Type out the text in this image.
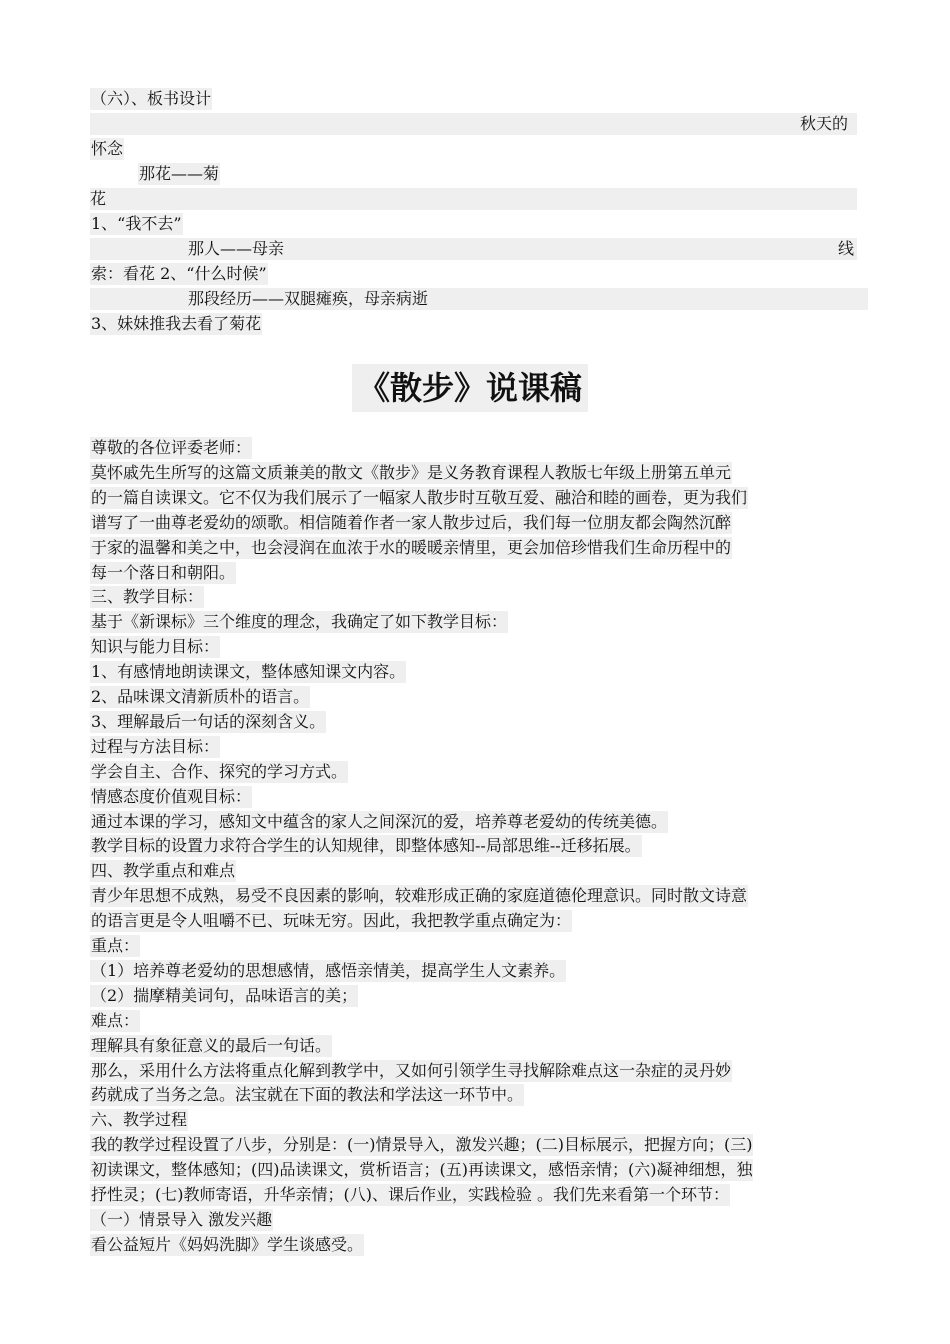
（六）、板书设计
秋天的
怀念
那花——菊
花
1、“我不去”
那人——母亲	线
索：看花 2、“什么时候”
那段经历——双腿瘫痪，母亲病逝
3、妹妹推我去看了菊花
《散步》说课稿
尊敬的各位评委老师：
莫怀戚先生所写的这篇文质兼美的散文《散步》是义务教育课程人教版七年级上册第五单元
的一篇自读课文。它不仅为我们展示了一幅家人散步时互敬互爱、融洽和睦的画卷，更为我们
谱写了一曲尊老爱幼的颂歌。相信随着作者一家人散步过后，我们每一位朋友都会陶然沉醉
于家的温馨和美之中，也会浸润在血浓于水的暖暖亲情里，更会加倍珍惜我们生命历程中的
每一个落日和朝阳。
三、教学目标：
基于《新课标》三个维度的理念，我确定了如下教学目标：
知识与能力目标：
1、有感情地朗读课文，整体感知课文内容。
2、品味课文清新质朴的语言。
3、理解最后一句话的深刻含义。
过程与方法目标：
学会自主、合作、探究的学习方式。
情感态度价值观目标：
通过本课的学习，感知文中蕴含的家人之间深沉的爱，培养尊老爱幼的传统美德。
教学目标的设置力求符合学生的认知规律，即整体感知--局部思维--迁移拓展。
四、教学重点和难点
青少年思想不成熟，易受不良因素的影响，较难形成正确的家庭道德伦理意识。同时散文诗意
的语言更是令人咀嚼不已、玩味无穷。因此，我把教学重点确定为：
重点：
（1）培养尊老爱幼的思想感情，感悟亲情美，提高学生人文素养。
（2）揣摩精美词句，品味语言的美；
难点：
理解具有象征意义的最后一句话。
那么，采用什么方法将重点化解到教学中，又如何引领学生寻找解除难点这一杂症的灵丹妙
药就成了当务之急。法宝就在下面的教法和学法这一环节中。
六、教学过程
我的教学过程设置了八步，分别是：(一)情景导入，激发兴趣；(二)目标展示，把握方向；(三)
初读课文，整体感知；(四)品读课文，赏析语言；(五)再读课文，感悟亲情；(六)凝神细想，独
抒性灵；(七)教师寄语，升华亲情；(八)、课后作业，实践检验 。我们先来看第一个环节：
（一）情景导入 激发兴趣
看公益短片《妈妈洗脚》学生谈感受。
